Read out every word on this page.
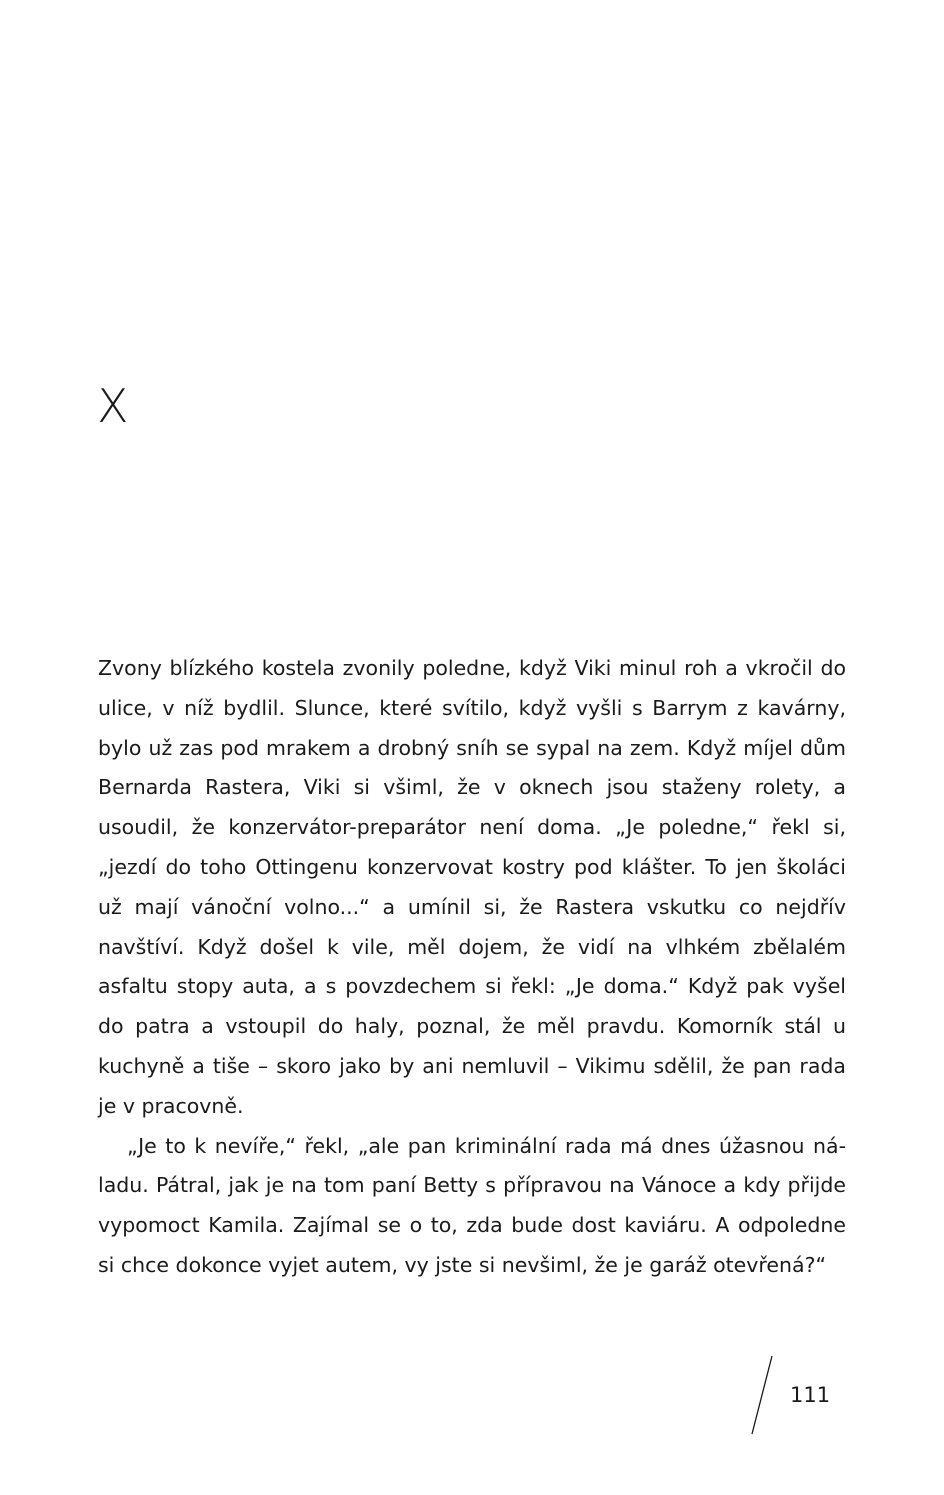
X

Zvony blízkého kostela zvonily poledne, když Viki minul roh a vkročil do ulice, v níž bydlil. Slunce, které svítilo, když vyšli s Barrym z kavárny, bylo už zas pod mrakem a drobný sníh se sypal na zem. Když míjel dům Bernarda Rastera, Viki si všiml, že v oknech jsou staženy rolety, a usoudil, že konzervátor-preparátor není doma. „Je poledne,“ řekl si, „jezdí do toho Ottingenu konzervovat kostry pod klášter. To jen školáci už mají vánoční volno...“ a umínil si, že Rastera vskutku co nejdřív navštíví. Když došel k vile, měl dojem, že vidí na vlhkém zbělalém asfaltu stopy auta, a s povzdechem si řekl: „Je doma.“ Když pak vyšel do patra a vstoupil do haly, poznal, že měl pravdu. Komorník stál u kuchyně a tiše – skoro jako by ani nemluvil – Vikimu sdělil, že pan rada je v pracovně.

„Je to k nevíře,“ řekl, „ale pan kriminální rada má dnes úžasnou náladu. Pátral, jak je na tom paní Betty s přípravou na Vánoce a kdy přijde vypomoct Kamila. Zajímal se o to, zda bude dost kaviáru. A odpoledne si chce dokonce vyjet autem, vy jste si nevšiml, že je garáž otevřená?“

111
